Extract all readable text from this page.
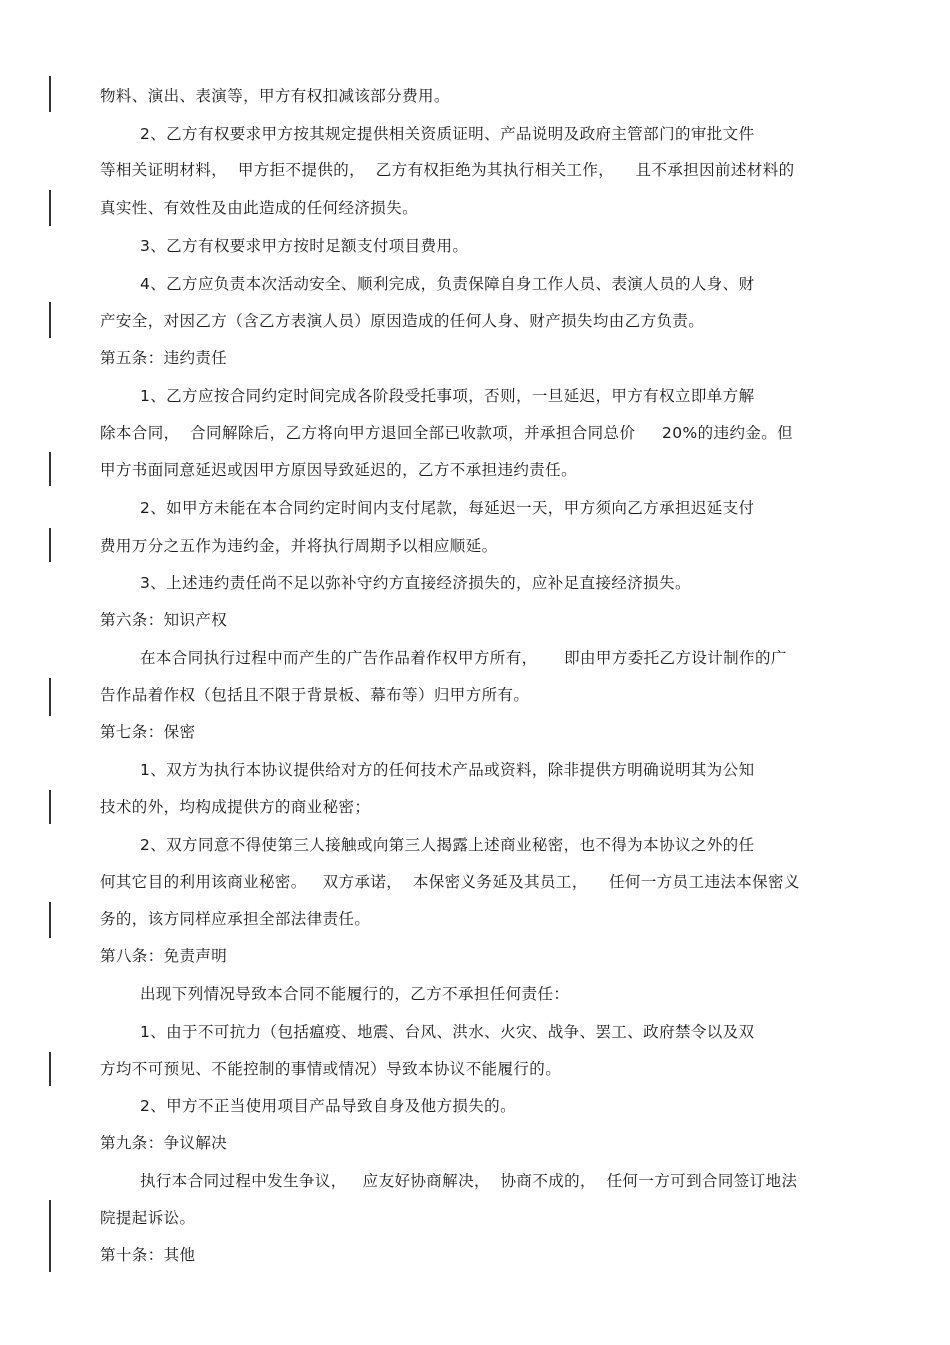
物料、演出、表演等，甲方有权扣减该部分费用。

2、乙方有权要求甲方按其规定提供相关资质证明、产品说明及政府主管部门的审批文件

等相关证明材料，  甲方拒不提供的，  乙方有权拒绝为其执行相关工作，    且不承担因前述材料的

真实性、有效性及由此造成的任何经济损失。

3、乙方有权要求甲方按时足额支付项目费用。

4、乙方应负责本次活动安全、顺利完成，负责保障自身工作人员、表演人员的人身、财

产安全，对因乙方（含乙方表演人员）原因造成的任何人身、财产损失均由乙方负责。

第五条：违约责任

1、乙方应按合同约定时间完成各阶段受托事项，否则，一旦延迟，甲方有权立即单方解

除本合同，  合同解除后，乙方将向甲方退回全部已收款项，并承担合同总价     20%的违约金。但

甲方书面同意延迟或因甲方原因导致延迟的，乙方不承担违约责任。

2、如甲方未能在本合同约定时间内支付尾款，每延迟一天，甲方须向乙方承担迟延支付

费用万分之五作为违约金，并将执行周期予以相应顺延。

3、上述违约责任尚不足以弥补守约方直接经济损失的，应补足直接经济损失。

第六条：知识产权

在本合同执行过程中而产生的广告作品着作权甲方所有，     即由甲方委托乙方设计制作的广

告作品着作权（包括且不限于背景板、幕布等）归甲方所有。

第七条：保密

1、双方为执行本协议提供给对方的任何技术产品或资料，除非提供方明确说明其为公知

技术的外，均构成提供方的商业秘密；

2、双方同意不得使第三人接触或向第三人揭露上述商业秘密，也不得为本协议之外的任

何其它目的利用该商业秘密。   双方承诺，  本保密义务延及其员工，    任何一方员工违法本保密义

务的，该方同样应承担全部法律责任。

第八条：免责声明

出现下列情况导致本合同不能履行的，乙方不承担任何责任：

1、由于不可抗力（包括瘟疫、地震、台风、洪水、火灾、战争、罢工、政府禁令以及双

方均不可预见、不能控制的事情或情况）导致本协议不能履行的。

2、甲方不正当使用项目产品导致自身及他方损失的。

第九条：争议解决

执行本合同过程中发生争议，   应友好协商解决，  协商不成的，  任何一方可到合同签订地法

院提起诉讼。

第十条：其他
